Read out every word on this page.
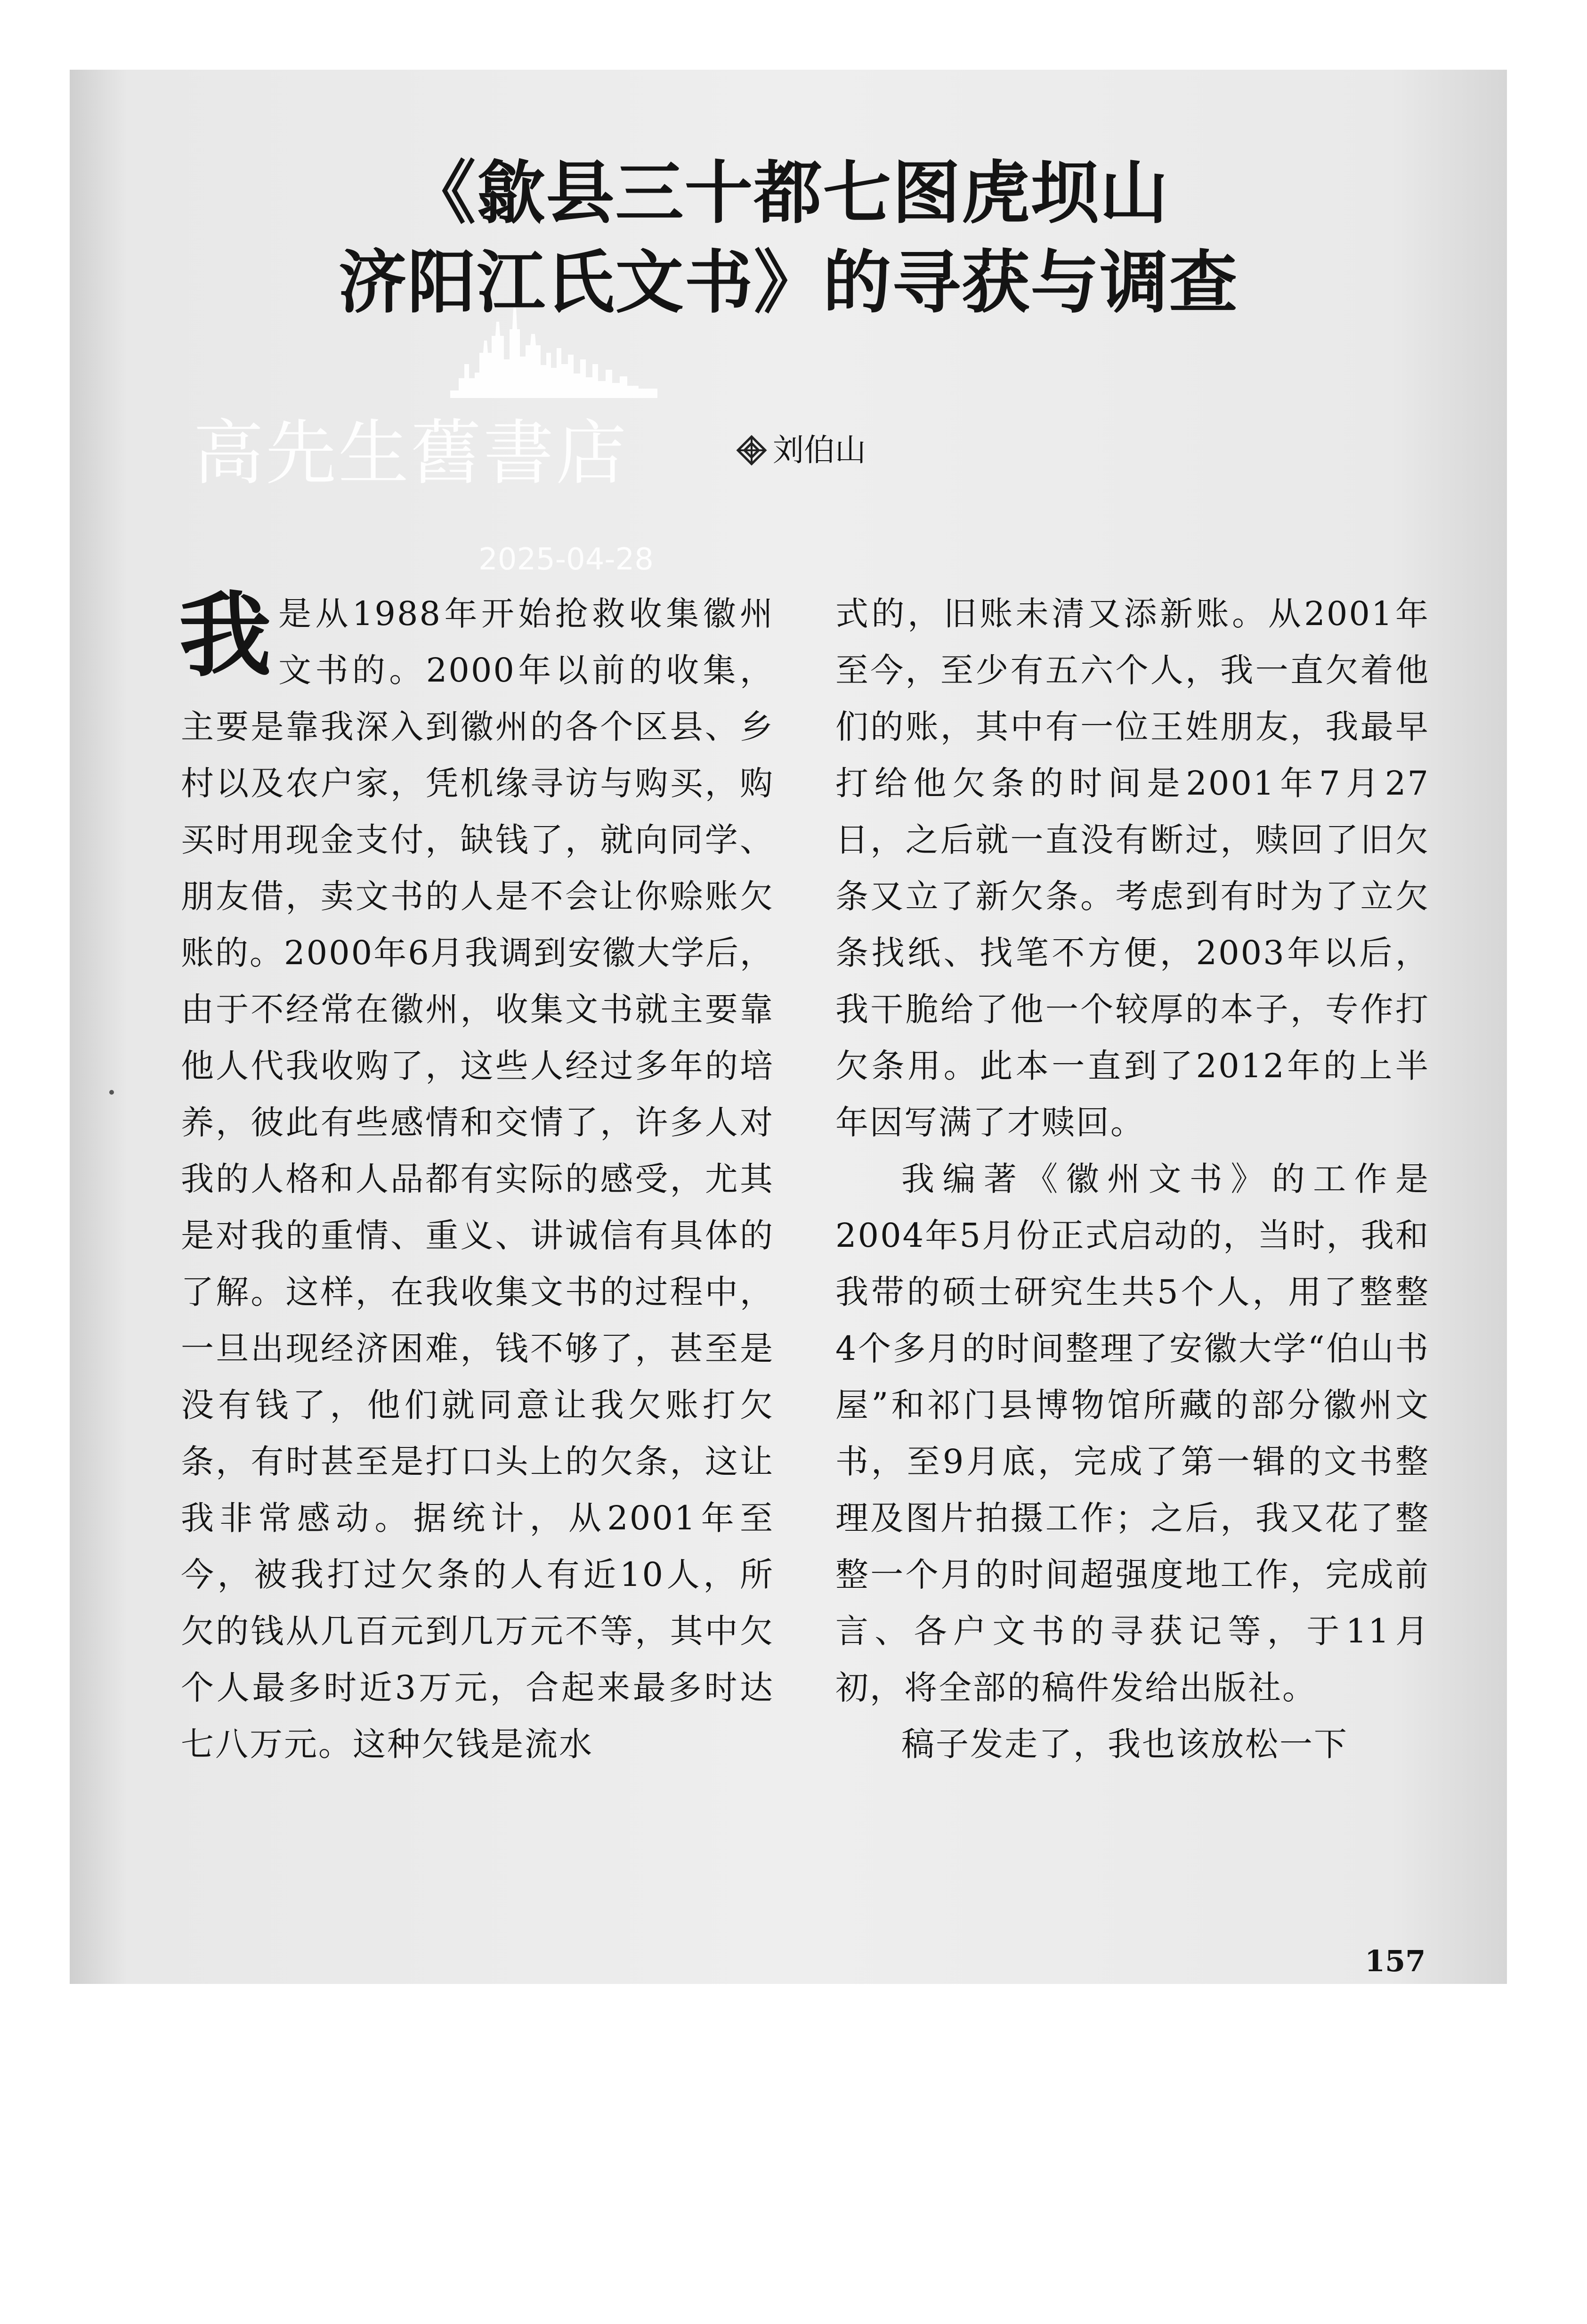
《歙县三十都七图虎坝山
济阳江氏文书》的寻获与调查
高先生舊書店
2025-04-28
刘伯山

我是从1988年开始抢救收集徽州文书的。2000年以前的收集，主要是靠我深入到徽州的各个区县、乡村以及农户家，凭机缘寻访与购买，购买时用现金支付，缺钱了，就向同学、朋友借，卖文书的人是不会让你赊账欠账的。2000年6月我调到安徽大学后，由于不经常在徽州，收集文书就主要靠他人代我收购了，这些人经过多年的培养，彼此有些感情和交情了，许多人对我的人格和人品都有实际的感受，尤其是对我的重情、重义、讲诚信有具体的了解。这样，在我收集文书的过程中，一旦出现经济困难，钱不够了，甚至是没有钱了，他们就同意让我欠账打欠条，有时甚至是打口头上的欠条，这让我非常感动。据统计，从2001年至今，被我打过欠条的人有近10人，所欠的钱从几百元到几万元不等，其中欠个人最多时近3万元，合起来最多时达七八万元。这种欠钱是流水

式的，旧账未清又添新账。从2001年至今，至少有五六个人，我一直欠着他们的账，其中有一位王姓朋友，我最早打给他欠条的时间是2001年7月27日，之后就一直没有断过，赎回了旧欠条又立了新欠条。考虑到有时为了立欠条找纸、找笔不方便，2003年以后，我干脆给了他一个较厚的本子，专作打欠条用。此本一直到了2012年的上半年因写满了才赎回。

我编著《徽州文书》的工作是2004年5月份正式启动的，当时，我和我带的硕士研究生共5个人，用了整整4个多月的时间整理了安徽大学“伯山书屋”和祁门县博物馆所藏的部分徽州文书，至9月底，完成了第一辑的文书整理及图片拍摄工作；之后，我又花了整整一个月的时间超强度地工作，完成前言、各户文书的寻获记等，于11月初，将全部的稿件发给出版社。

稿子发走了，我也该放松一下

157
